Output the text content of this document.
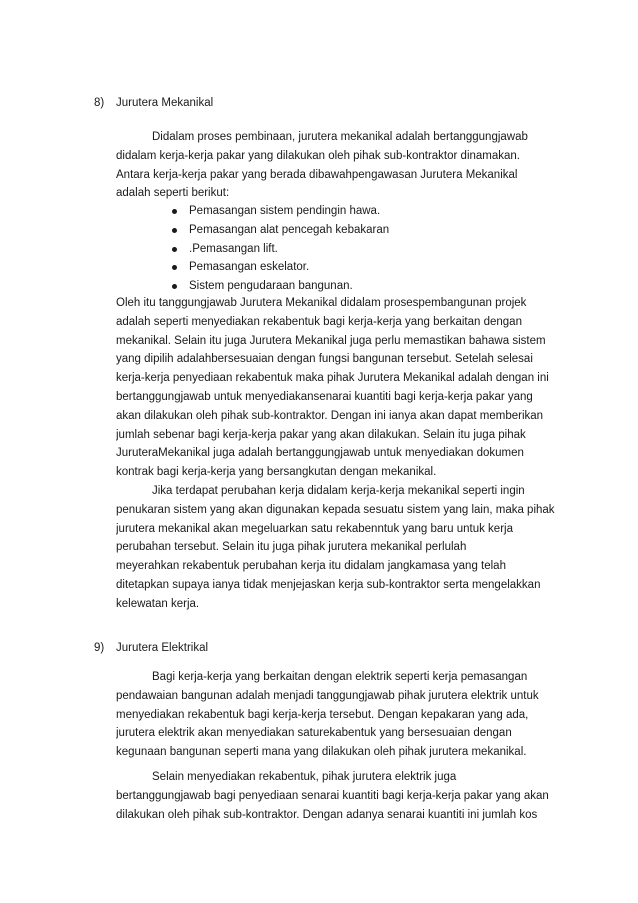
8) Jurutera Mekanikal
Didalam proses pembinaan, jurutera mekanikal adalah bertanggungjawab
didalam kerja-kerja pakar yang dilakukan oleh pihak sub-kontraktor dinamakan.
Antara kerja-kerja pakar yang berada dibawahpengawasan Jurutera Mekanikal
adalah seperti berikut:
Pemasangan sistem pendingin hawa.
Pemasangan alat pencegah kebakaran
.Pemasangan lift.
Pemasangan eskelator.
Sistem pengudaraan bangunan.
Oleh itu tanggungjawab Jurutera Mekanikal didalam prosespembangunan projek
adalah seperti menyediakan rekabentuk bagi kerja-kerja yang berkaitan dengan
mekanikal. Selain itu juga Jurutera Mekanikal juga perlu memastikan bahawa sistem
yang dipilih adalahbersesuaian dengan fungsi bangunan tersebut. Setelah selesai
kerja-kerja penyediaan rekabentuk maka pihak Jurutera Mekanikal adalah dengan ini
bertanggungjawab untuk menyediakansenarai kuantiti bagi kerja-kerja pakar yang
akan dilakukan oleh pihak sub-kontraktor. Dengan ini ianya akan dapat memberikan
jumlah sebenar bagi kerja-kerja pakar yang akan dilakukan. Selain itu juga pihak
JuruteraMekanikal juga adalah bertanggungjawab untuk menyediakan dokumen
kontrak bagi kerja-kerja yang bersangkutan dengan mekanikal.
Jika terdapat perubahan kerja didalam kerja-kerja mekanikal seperti ingin
penukaran sistem yang akan digunakan kepada sesuatu sistem yang lain, maka pihak
jurutera mekanikal akan megeluarkan satu rekabenntuk yang baru untuk kerja
perubahan tersebut. Selain itu juga pihak jurutera mekanikal perlulah
meyerahkan rekabentuk perubahan kerja itu didalam jangkamasa yang telah
ditetapkan supaya ianya tidak menjejaskan kerja sub-kontraktor serta mengelakkan
kelewatan kerja.
9) Jurutera Elektrikal
Bagi kerja-kerja yang berkaitan dengan elektrik seperti kerja pemasangan
pendawaian bangunan adalah menjadi tanggungjawab pihak jurutera elektrik untuk
menyediakan rekabentuk bagi kerja-kerja tersebut. Dengan kepakaran yang ada,
jurutera elektrik akan menyediakan saturekabentuk yang bersesuaian dengan
kegunaan bangunan seperti mana yang dilakukan oleh pihak jurutera mekanikal.
Selain menyediakan rekabentuk, pihak jurutera elektrik juga
bertanggungjawab bagi penyediaan senarai kuantiti bagi kerja-kerja pakar yang akan
dilakukan oleh pihak sub-kontraktor. Dengan adanya senarai kuantiti ini jumlah kos
